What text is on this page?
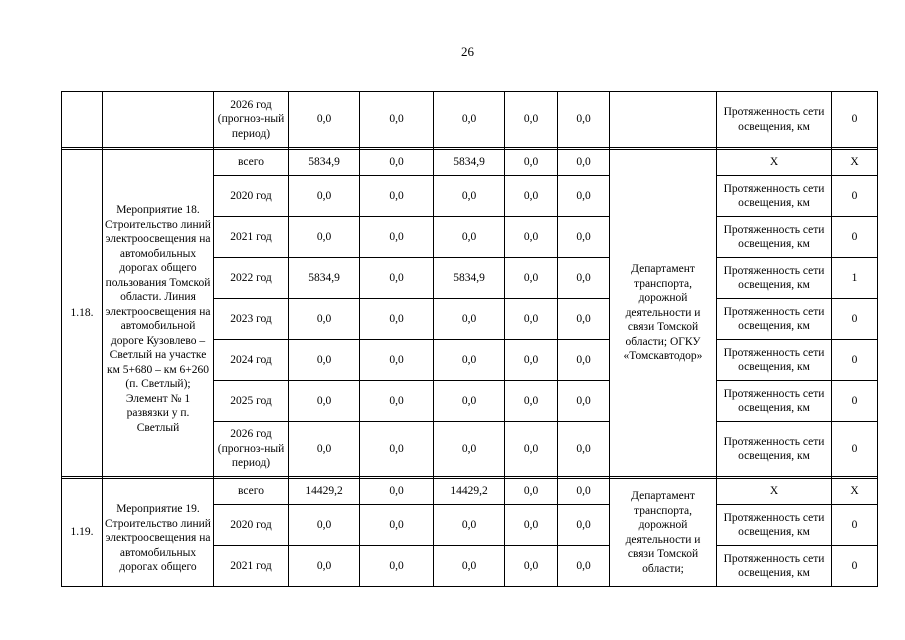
26
		2026 год (прогноз-ный период)	0,0	0,0	0,0	0,0	0,0		Протяженность сети освещения, км	0

1.18.	Мероприятие 18. Строительство линий электроосвещения на автомобильных дорогах общего пользования Томской области. Линия электроосвещения на автомобильной дороге Кузовлево – Светлый на участке км 5+680 – км 6+260 (п. Светлый); Элемент № 1 развязки у п. Светлый	всего	5834,9	0,0	5834,9	0,0	0,0	Департамент транспорта, дорожной деятельности и связи Томской области; ОГКУ «Томскавтодор»	Х	Х
		2020 год	0,0	0,0	0,0	0,0	0,0		Протяженность сети освещения, км	0
		2021 год	0,0	0,0	0,0	0,0	0,0		Протяженность сети освещения, км	0
		2022 год	5834,9	0,0	5834,9	0,0	0,0		Протяженность сети освещения, км	1
		2023 год	0,0	0,0	0,0	0,0	0,0		Протяженность сети освещения, км	0
		2024 год	0,0	0,0	0,0	0,0	0,0		Протяженность сети освещения, км	0
		2025 год	0,0	0,0	0,0	0,0	0,0		Протяженность сети освещения, км	0
		2026 год (прогноз-ный период)	0,0	0,0	0,0	0,0	0,0		Протяженность сети освещения, км	0

1.19.	Мероприятие 19. Строительство линий электроосвещения на автомобильных дорогах общего	всего	14429,2	0,0	14429,2	0,0	0,0	Департамент транспорта, дорожной деятельности и связи Томской области;	Х	Х
		2020 год	0,0	0,0	0,0	0,0	0,0		Протяженность сети освещения, км	0
		2021 год	0,0	0,0	0,0	0,0	0,0		Протяженность сети освещения, км	0
